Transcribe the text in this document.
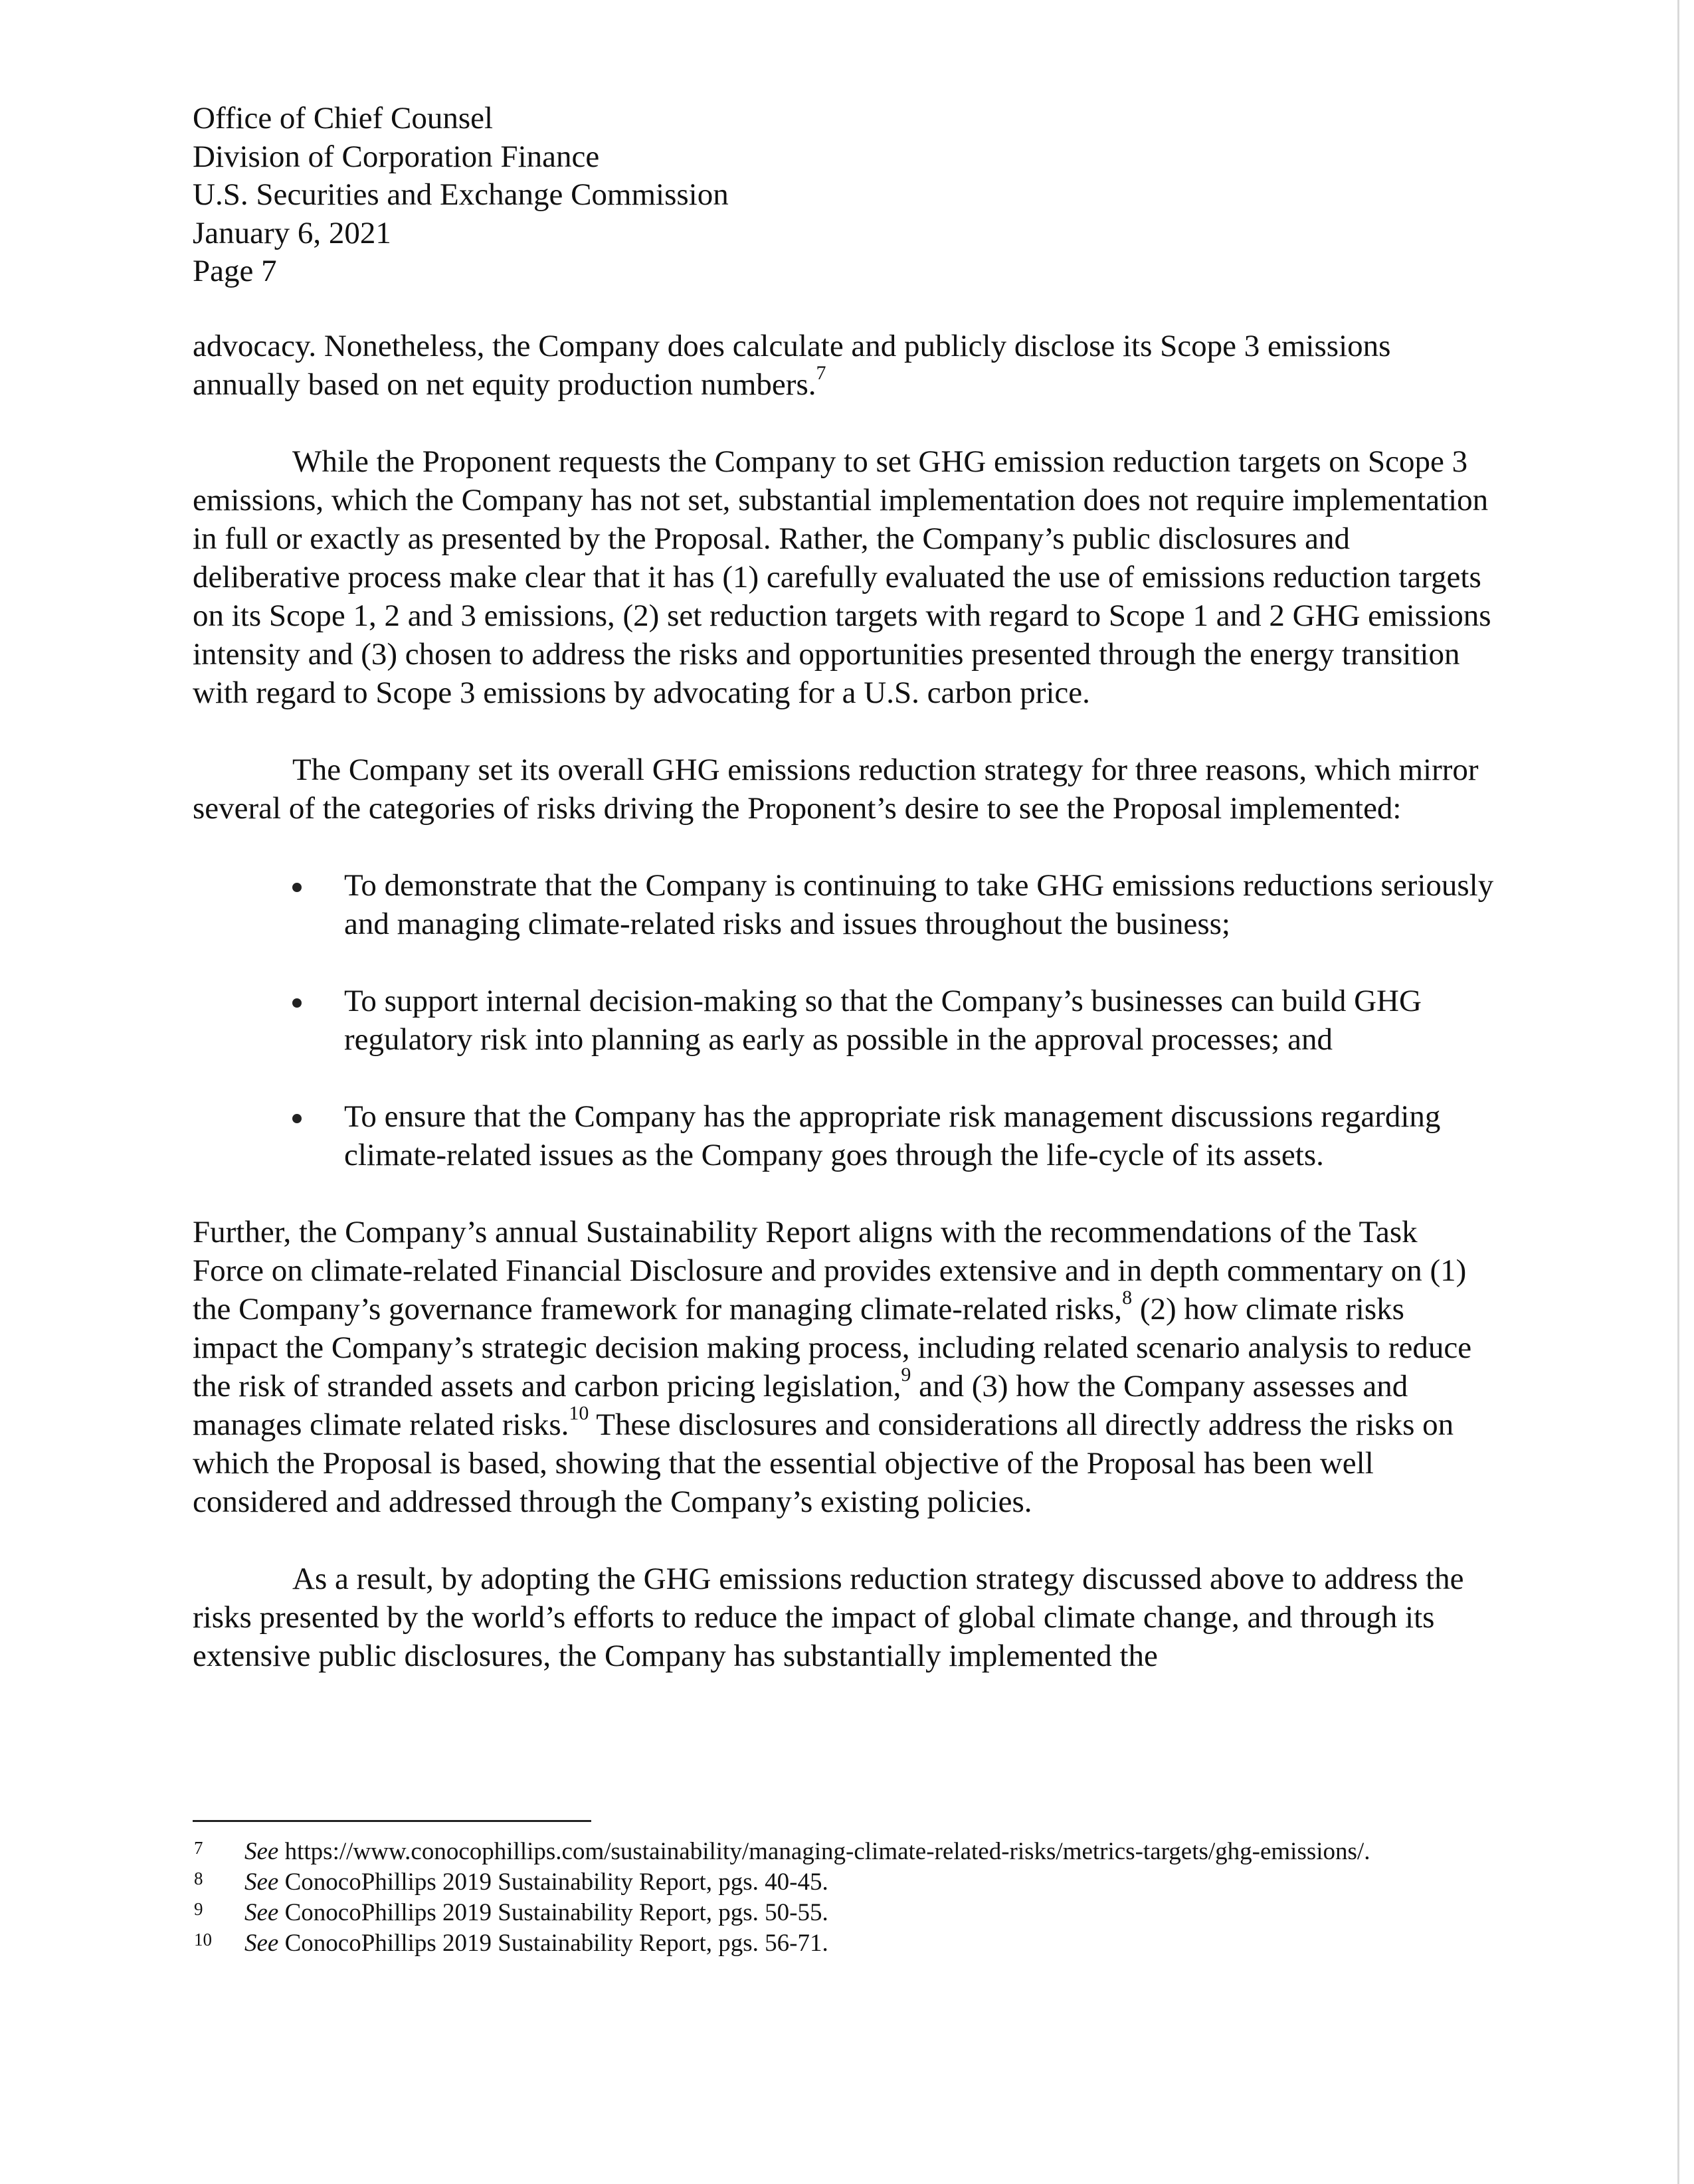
Office of Chief Counsel
Division of Corporation Finance
U.S. Securities and Exchange Commission
January 6, 2021
Page 7

advocacy. Nonetheless, the Company does calculate and publicly disclose its Scope 3 emissions annually based on net equity production numbers.$^7$

While the Proponent requests the Company to set GHG emission reduction targets on Scope 3 emissions, which the Company has not set, substantial implementation does not require implementation in full or exactly as presented by the Proposal. Rather, the Company’s public disclosures and deliberative process make clear that it has (1) carefully evaluated the use of emissions reduction targets on its Scope 1, 2 and 3 emissions, (2) set reduction targets with regard to Scope 1 and 2 GHG emissions intensity and (3) chosen to address the risks and opportunities presented through the energy transition with regard to Scope 3 emissions by advocating for a U.S. carbon price.

The Company set its overall GHG emissions reduction strategy for three reasons, which mirror several of the categories of risks driving the Proponent’s desire to see the Proposal implemented:

To demonstrate that the Company is continuing to take GHG emissions reductions seriously and managing climate-related risks and issues throughout the business;
To support internal decision-making so that the Company’s businesses can build GHG regulatory risk into planning as early as possible in the approval processes; and
To ensure that the Company has the appropriate risk management discussions regarding climate-related issues as the Company goes through the life-cycle of its assets.

Further, the Company’s annual Sustainability Report aligns with the recommendations of the Task Force on climate-related Financial Disclosure and provides extensive and in depth commentary on (1) the Company’s governance framework for managing climate-related risks,$^8$ (2) how climate risks impact the Company’s strategic decision making process, including related scenario analysis to reduce the risk of stranded assets and carbon pricing legislation,$^9$ and (3) how the Company assesses and manages climate related risks.$^{10}$ These disclosures and considerations all directly address the risks on which the Proposal is based, showing that the essential objective of the Proposal has been well considered and addressed through the Company’s existing policies.

As a result, by adopting the GHG emissions reduction strategy discussed above to address the risks presented by the world’s efforts to reduce the impact of global climate change, and through its extensive public disclosures, the Company has substantially implemented the

7 See https://www.conocophillips.com/sustainability/managing-climate-related-risks/metrics-targets/ghg-emissions/.
8 See ConocoPhillips 2019 Sustainability Report, pgs. 40-45.
9 See ConocoPhillips 2019 Sustainability Report, pgs. 50-55.
10 See ConocoPhillips 2019 Sustainability Report, pgs. 56-71.
